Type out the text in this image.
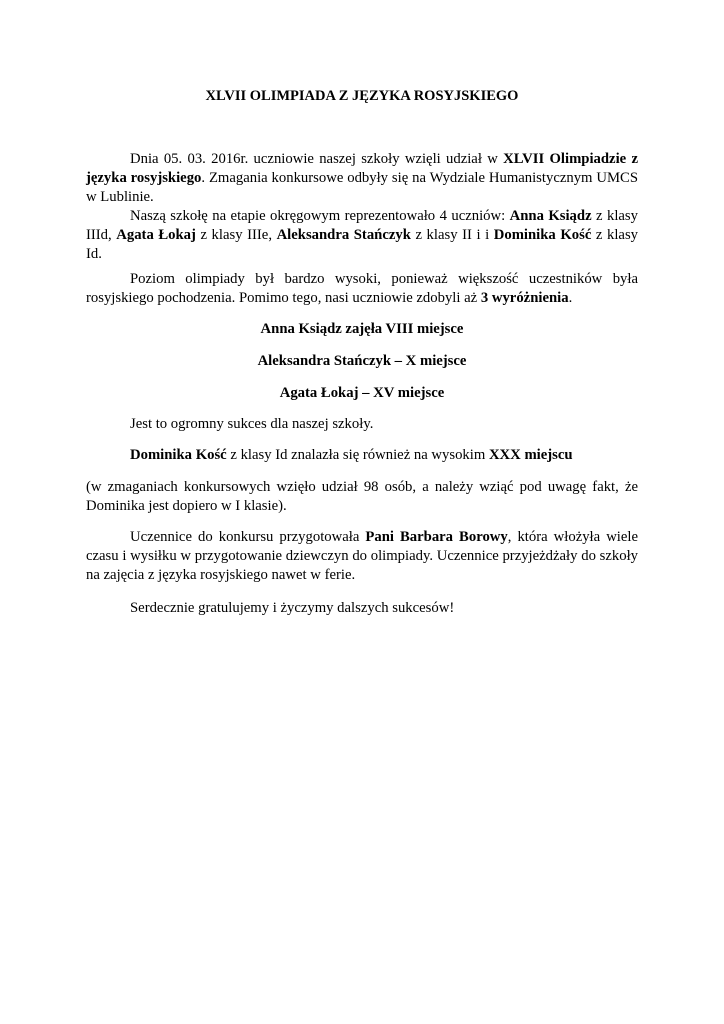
XLVII OLIMPIADA Z JĘZYKA ROSYJSKIEGO

Dnia 05. 03. 2016r. uczniowie naszej szkoły wzięli udział w XLVII Olimpiadzie z języka rosyjskiego. Zmagania konkursowe odbyły się na Wydziale Humanistycznym UMCS w Lublinie.

Naszą szkołę na etapie okręgowym reprezentowało 4 uczniów: Anna Ksiądz z klasy IIId, Agata Łokaj z klasy IIIe, Aleksandra Stańczyk z klasy II i i Dominika Kość z klasy Id.

Poziom olimpiady był bardzo wysoki, ponieważ większość uczestników była rosyjskiego pochodzenia. Pomimo tego, nasi uczniowie zdobyli aż 3 wyróżnienia.

Anna Ksiądz zajęła VIII miejsce

Aleksandra Stańczyk – X miejsce

Agata Łokaj – XV miejsce

Jest to ogromny sukces dla naszej szkoły.

Dominika Kość z klasy Id znalazła się również na wysokim XXX miejscu

(w zmaganiach konkursowych wzięło udział 98 osób, a należy wziąć pod uwagę fakt, że Dominika jest dopiero w I klasie).

Uczennice do konkursu przygotowała Pani Barbara Borowy, która włożyła wiele czasu i wysiłku w przygotowanie dziewczyn do olimpiady. Uczennice przyjeżdżały do szkoły na zajęcia z języka rosyjskiego nawet w ferie.

Serdecznie gratulujemy i życzymy dalszych sukcesów!
